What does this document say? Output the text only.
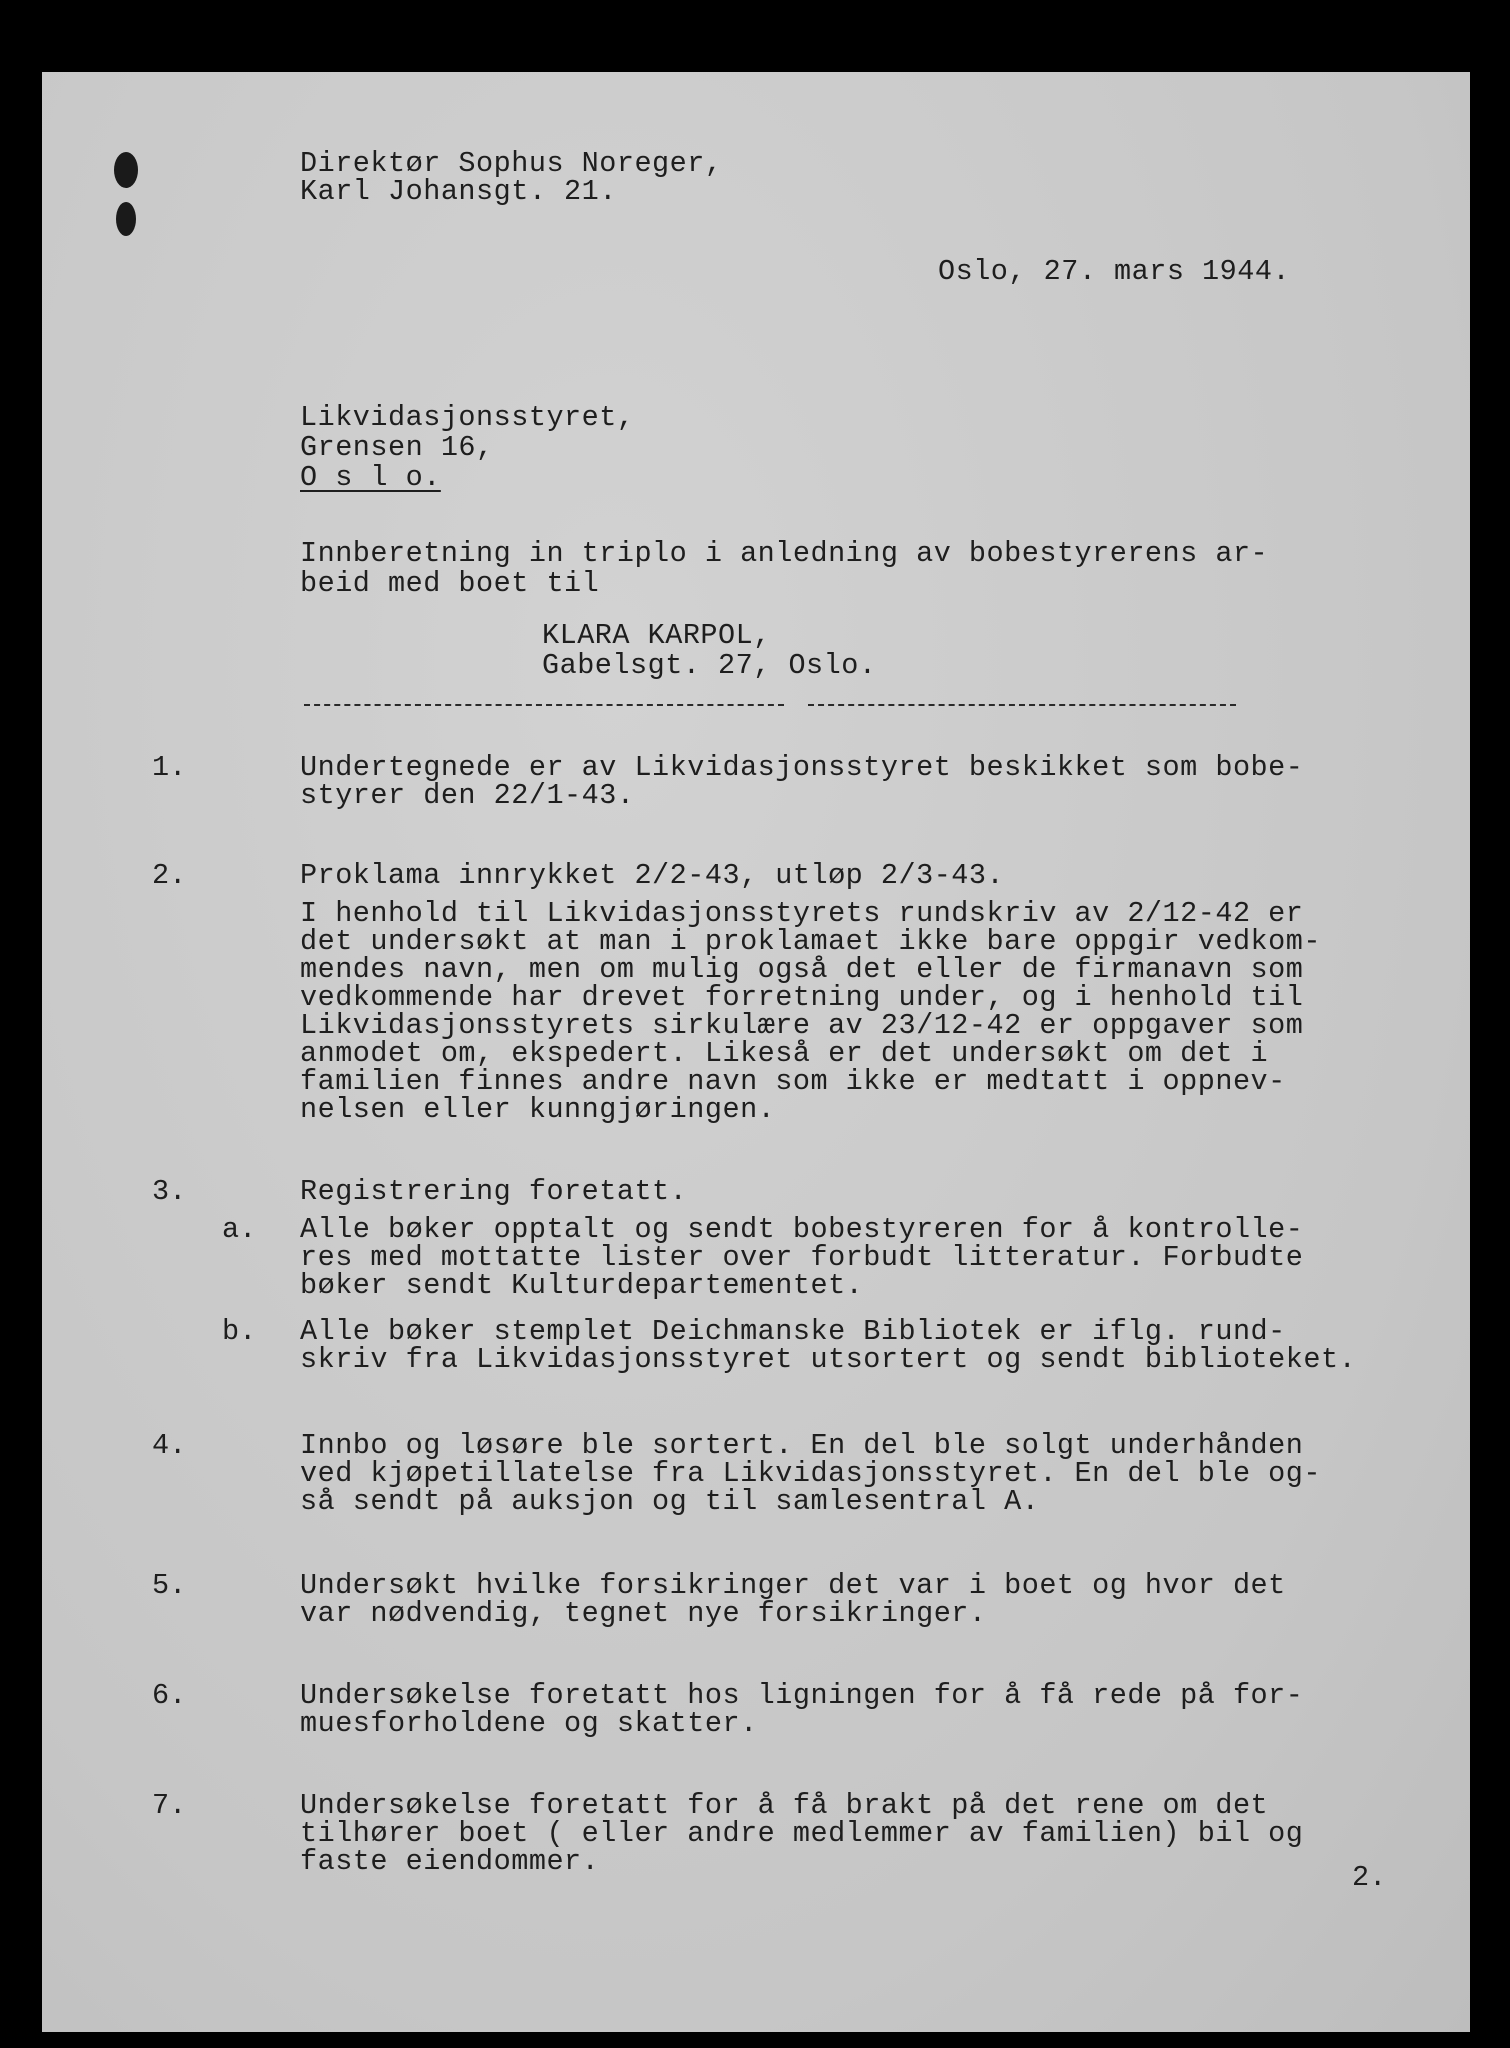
Direktør Sophus Noreger,
Karl Johansgt. 21.
Oslo, 27. mars 1944.
Likvidasjonsstyret,
Grensen 16,
O s l o.
Innberetning in triplo i anledning av bobestyrerens ar-
beid med boet til
KLARA KARPOL,
Gabelsgt. 27, Oslo.
1.	Undertegnede er av Likvidasjonsstyret beskikket som bobe-
styrer den 22/1-43.
2.	Proklama innrykket 2/2-43, utløp 2/3-43.
I henhold til Likvidasjonsstyrets rundskriv av 2/12-42 er
det undersøkt at man i proklamaet ikke bare oppgir vedkom-
mendes navn, men om mulig også det eller de firmanavn som
vedkommende har drevet forretning under, og i henhold til
Likvidasjonsstyrets sirkulære av 23/12-42 er oppgaver som
anmodet om, ekspedert. Likeså er det undersøkt om det i
familien finnes andre navn som ikke er medtatt i oppnev-
nelsen eller kunngjøringen.
3.	Registrering foretatt.
a. Alle bøker opptalt og sendt bobestyreren for å kontrolle-
res med mottatte lister over forbudt litteratur. Forbudte
bøker sendt Kulturdepartementet.
b. Alle bøker stemplet Deichmanske Bibliotek er iflg. rund-
skriv fra Likvidasjonsstyret utsortert og sendt biblioteket.
4.	Innbo og løsøre ble sortert. En del ble solgt underhånden
ved kjøpetillatelse fra Likvidasjonsstyret. En del ble og-
så sendt på auksjon og til samlesentral A.
5.	Undersøkt hvilke forsikringer det var i boet og hvor det
var nødvendig, tegnet nye forsikringer.
6.	Undersøkelse foretatt hos ligningen for å få rede på for-
muesforholdene og skatter.
7.	Undersøkelse foretatt for å få brakt på det rene om det
tilhører boet ( eller andre medlemmer av familien) bil og
faste eiendommer.	2.
